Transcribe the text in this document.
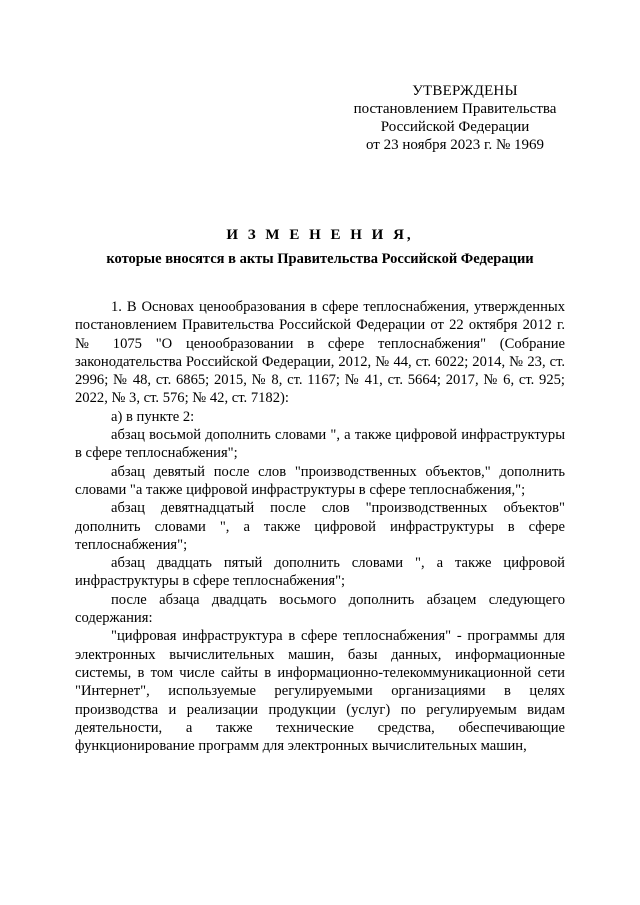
УТВЕРЖДЕНЫ
постановлением Правительства
Российской Федерации
от 23 ноября 2023 г. № 1969
И З М Е Н Е Н И Я,
которые вносятся в акты Правительства Российской Федерации

1. В Основах ценообразования в сфере теплоснабжения, утвержденных постановлением Правительства Российской Федерации от 22 октября 2012 г. № 1075 "О ценообразовании в сфере теплоснабжения" (Собрание законодательства Российской Федерации, 2012, № 44, ст. 6022; 2014, № 23, ст. 2996; № 48, ст. 6865; 2015, № 8, ст. 1167; № 41, ст. 5664; 2017, № 6, ст. 925; 2022, № 3, ст. 576; № 42, ст. 7182):

а) в пункте 2:

абзац восьмой дополнить словами ", а также цифровой инфраструктуры в сфере теплоснабжения";

абзац девятый после слов "производственных объектов," дополнить словами "а также цифровой инфраструктуры в сфере теплоснабжения,";

абзац девятнадцатый после слов "производственных объектов" дополнить словами ", а также цифровой инфраструктуры в сфере теплоснабжения";

абзац двадцать пятый дополнить словами ", а также цифровой инфраструктуры в сфере теплоснабжения";

после абзаца двадцать восьмого дополнить абзацем следующего содержания:

"цифровая инфраструктура в сфере теплоснабжения" - программы для электронных вычислительных машин, базы данных, информационные системы, в том числе сайты в информационно-телекоммуникационной сети "Интернет", используемые регулируемыми организациями в целях производства и реализации продукции (услуг) по регулируемым видам деятельности, а также технические средства, обеспечивающие функционирование программ для электронных вычислительных машин,
